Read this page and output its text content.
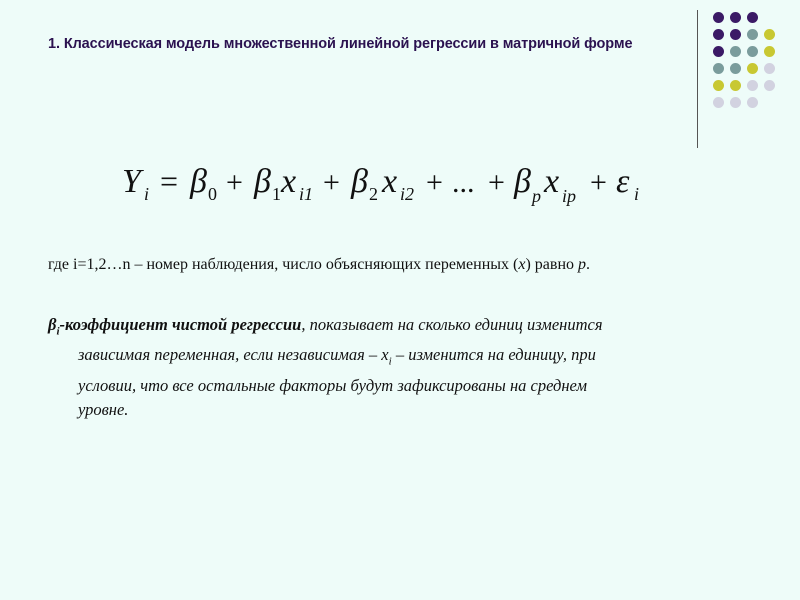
1. Классическая модель множественной линейной регрессии в матричной форме
Y i = β 0 + β 1 x i1 + β 2 x i2 + ... + β p x ip + ε i
где i=1,2…n – номер наблюдения, число объясняющих переменных (x) равно p.
$\beta_i$-коэффициент чистой регрессии, показывает на сколько единиц изменится
зависимая переменная, если независимая – $x_i$ – изменится на единицу, при
условии, что все остальные факторы будут зафиксированы на среднем
уровне.
